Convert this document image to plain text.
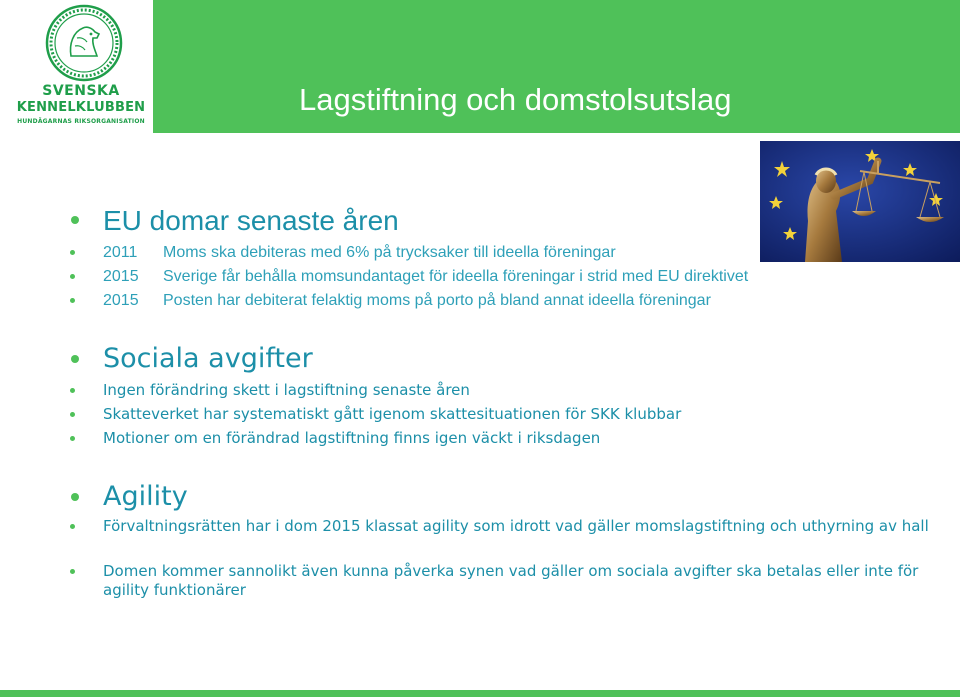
SVENSKA
KENNELKLUBBEN
HUNDÄGARNAS RIKSORGANISATION
Lagstiftning och domstolsutslag
EU domar senaste åren
2011 Moms ska debiteras med 6% på trycksaker till ideella föreningar
2015 Sverige får behålla momsundantaget för ideella föreningar i strid med EU direktivet
2015 Posten har debiterat felaktig moms på porto på bland annat ideella föreningar
Sociala avgifter
Ingen förändring skett i lagstiftning senaste åren
Skatteverket har systematiskt gått igenom skattesituationen för SKK klubbar
Motioner om en förändrad lagstiftning finns igen väckt i riksdagen
Agility
Förvaltningsrätten har i dom 2015 klassat agility som idrott vad gäller momslagstiftning och uthyrning av hall
Domen kommer sannolikt även kunna påverka synen vad gäller om sociala avgifter ska betalas eller inte för agility funktionärer
